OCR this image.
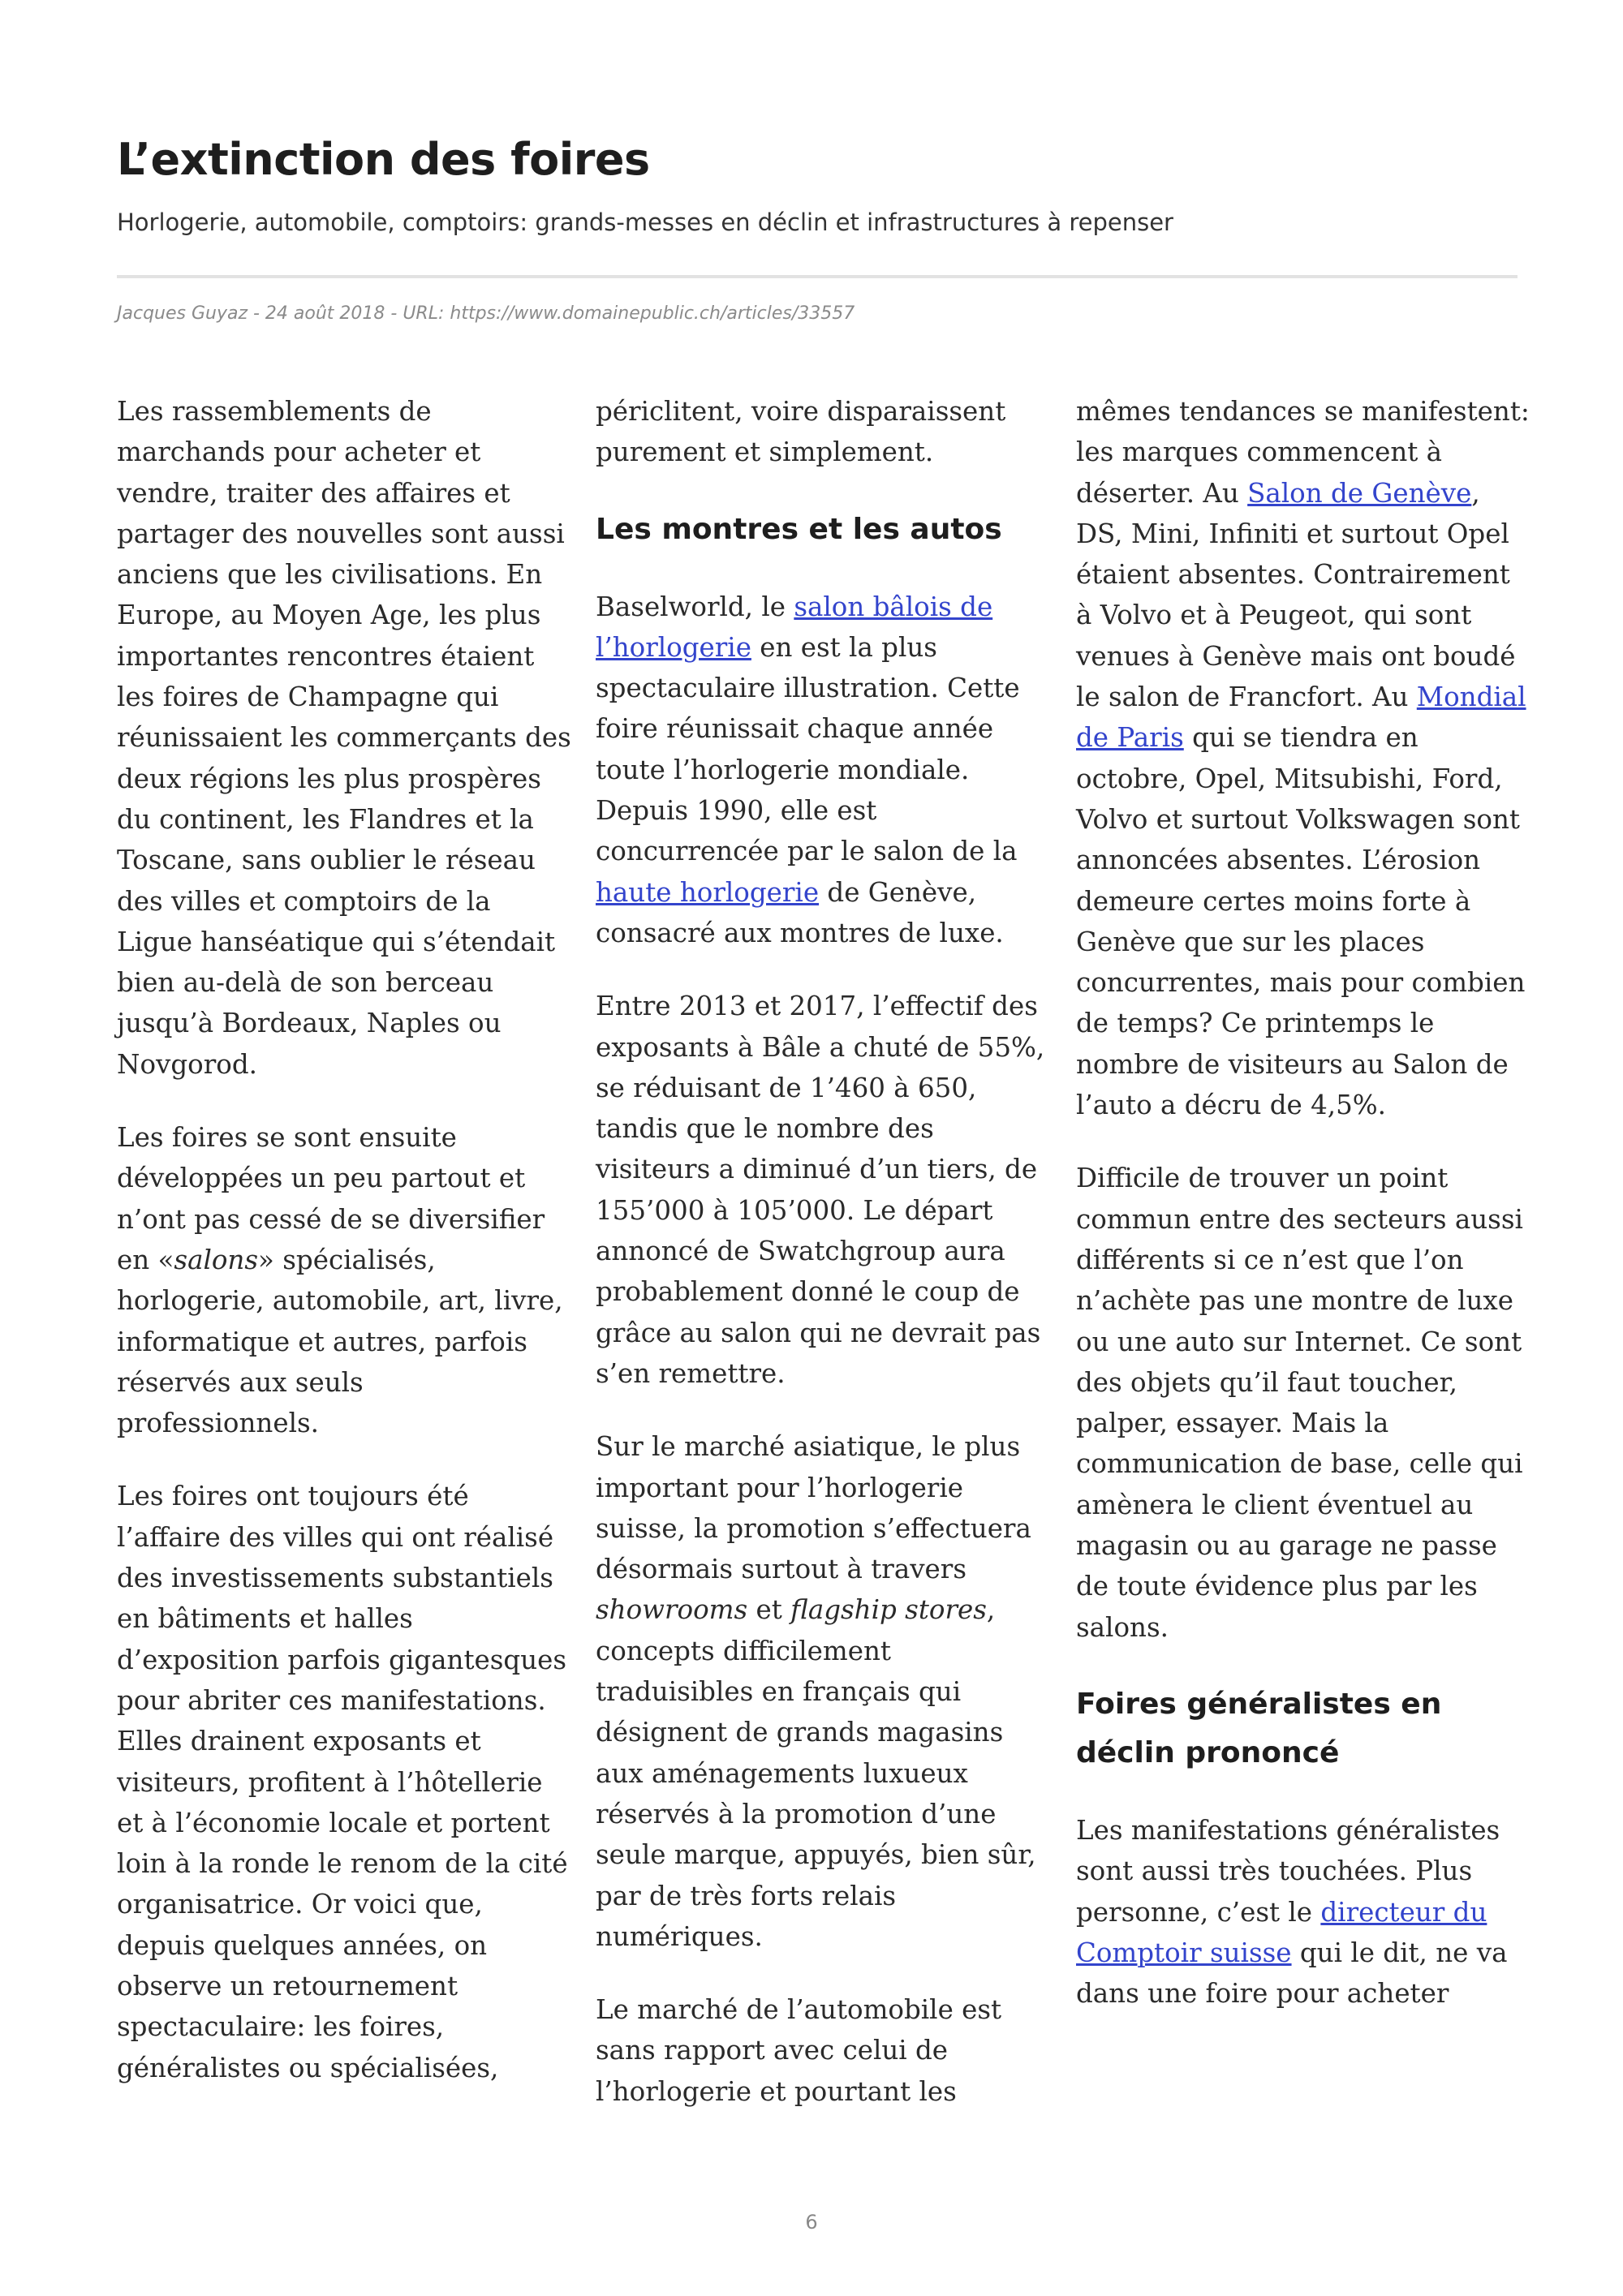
L’extinction des foires
Horlogerie, automobile, comptoirs: grands-messes en déclin et infrastructures à repenser
Jacques Guyaz - 24 août 2018 - URL: https://www.domainepublic.ch/articles/33557

Les rassemblements de marchands pour acheter et vendre, traiter des affaires et partager des nouvelles sont aussi anciens que les civilisations. En Europe, au Moyen Age, les plus importantes rencontres étaient les foires de Champagne qui réunissaient les commerçants des deux régions les plus prospères du continent, les Flandres et la Toscane, sans oublier le réseau des villes et comptoirs de la Ligue hanséatique qui s’étendait bien au-delà de son berceau jusqu’à Bordeaux, Naples ou Novgorod.

Les foires se sont ensuite développées un peu partout et n’ont pas cessé de se diversifier en «salons» spécialisés, horlogerie, automobile, art, livre, informatique et autres, parfois réservés aux seuls professionnels.

Les foires ont toujours été l’affaire des villes qui ont réalisé des investissements substantiels en bâtiments et halles d’exposition parfois gigantesques pour abriter ces manifestations. Elles drainent exposants et visiteurs, profitent à l’hôtellerie et à l’économie locale et portent loin à la ronde le renom de la cité organisatrice. Or voici que, depuis quelques années, on observe un retournement spectaculaire: les foires, généralistes ou spécialisées,

périclitent, voire disparaissent purement et simplement.

Les montres et les autos

Baselworld, le salon bâlois de l’horlogerie en est la plus spectaculaire illustration. Cette foire réunissait chaque année toute l’horlogerie mondiale. Depuis 1990, elle est concurrencée par le salon de la haute horlogerie de Genève, consacré aux montres de luxe.

Entre 2013 et 2017, l’effectif des exposants à Bâle a chuté de 55%, se réduisant de 1’460 à 650, tandis que le nombre des visiteurs a diminué d’un tiers, de 155’000 à 105’000. Le départ annoncé de Swatchgroup aura probablement donné le coup de grâce au salon qui ne devrait pas s’en remettre.

Sur le marché asiatique, le plus important pour l’horlogerie suisse, la promotion s’effectuera désormais surtout à travers showrooms et flagship stores, concepts difficilement traduisibles en français qui désignent de grands magasins aux aménagements luxueux réservés à la promotion d’une seule marque, appuyés, bien sûr, par de très forts relais numériques.

Le marché de l’automobile est sans rapport avec celui de l’horlogerie et pourtant les

mêmes tendances se manifestent: les marques commencent à déserter. Au Salon de Genève, DS, Mini, Infiniti et surtout Opel étaient absentes. Contrairement à Volvo et à Peugeot, qui sont venues à Genève mais ont boudé le salon de Francfort. Au Mondial de Paris qui se tiendra en octobre, Opel, Mitsubishi, Ford, Volvo et surtout Volkswagen sont annoncées absentes. L’érosion demeure certes moins forte à Genève que sur les places concurrentes, mais pour combien de temps? Ce printemps le nombre de visiteurs au Salon de l’auto a décru de 4,5%.

Difficile de trouver un point commun entre des secteurs aussi différents si ce n’est que l’on n’achète pas une montre de luxe ou une auto sur Internet. Ce sont des objets qu’il faut toucher, palper, essayer. Mais la communication de base, celle qui amènera le client éventuel au magasin ou au garage ne passe de toute évidence plus par les salons.

Foires généralistes en déclin prononcé

Les manifestations généralistes sont aussi très touchées. Plus personne, c’est le directeur du Comptoir suisse qui le dit, ne va dans une foire pour acheter

6
